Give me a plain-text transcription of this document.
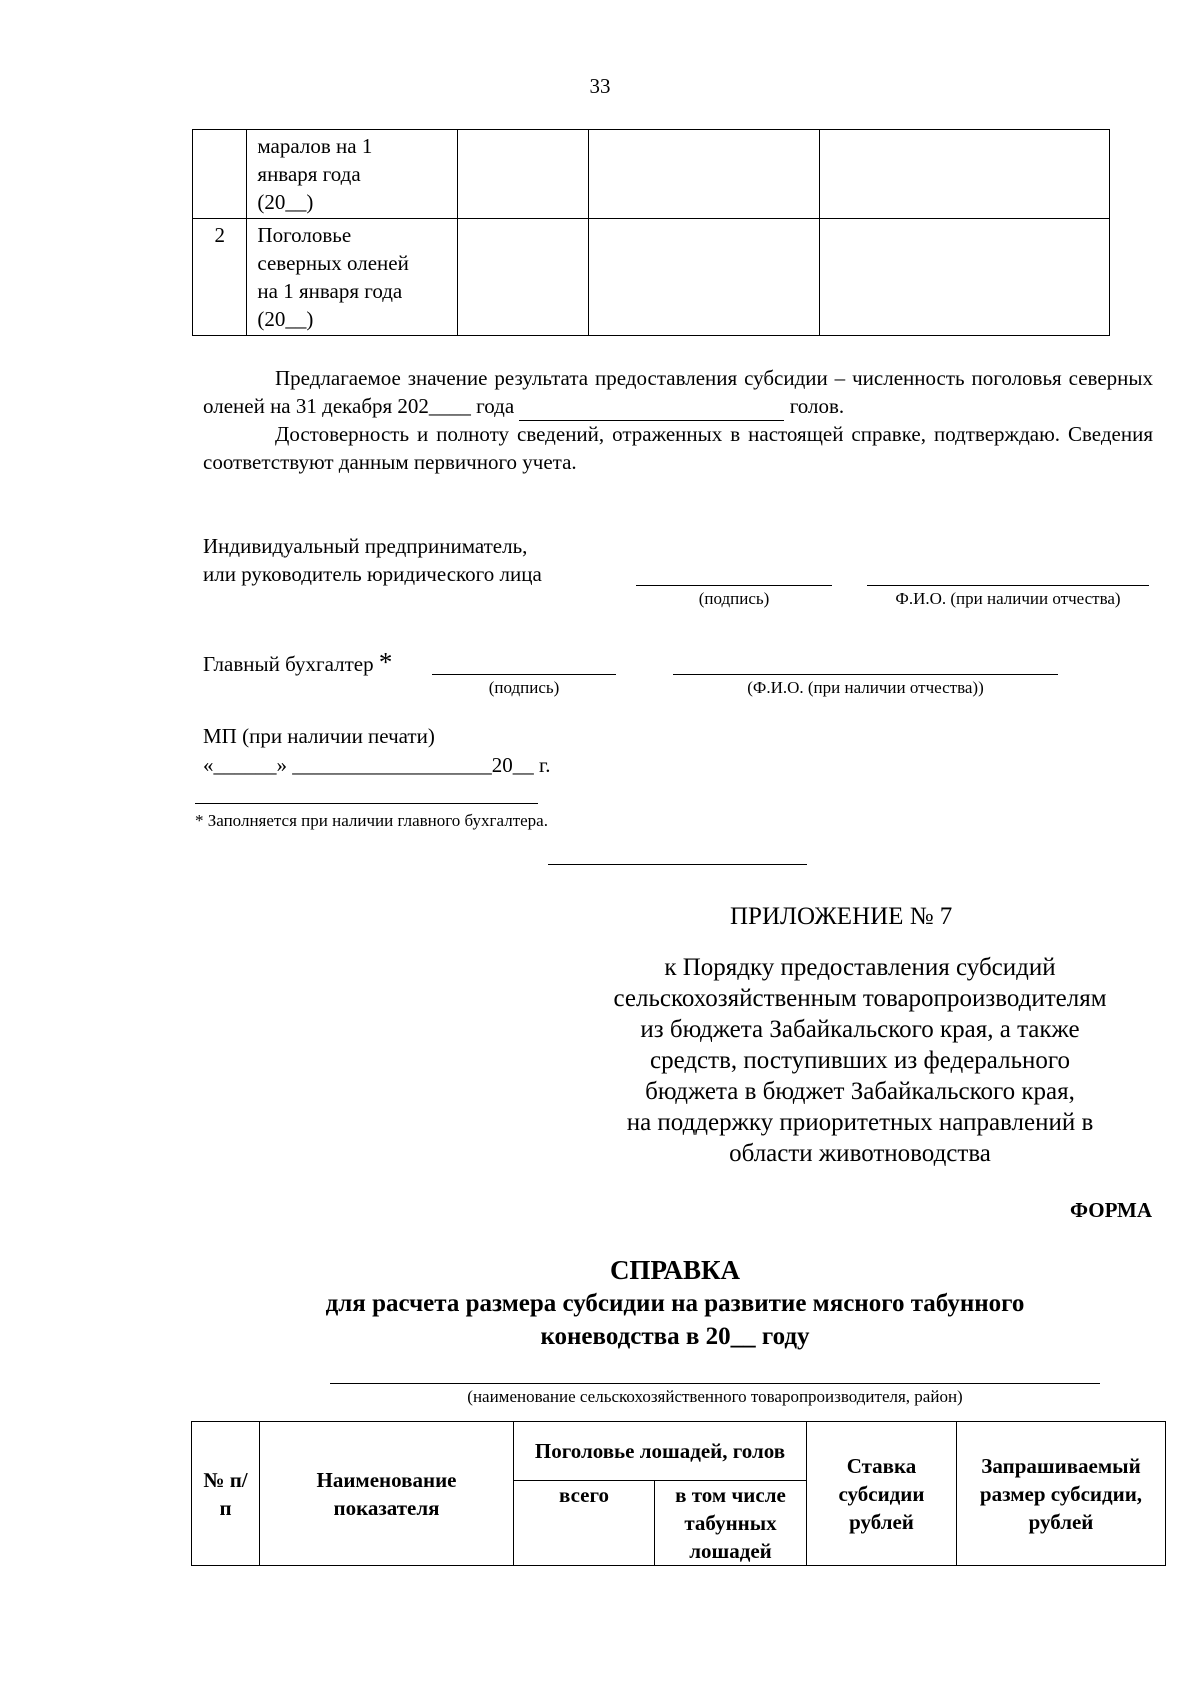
33

	маралов на 1
января года
(20__)			

2	Поголовье
северных оленей
на 1 января года
(20__)			

Предлагаемое значение результата предоставления субсидии – численность поголовья северных оленей на 31 декабря 202____ года	голов.
Достоверность и полноту сведений, отраженных в настоящей справке, подтверждаю. Сведения соответствуют данным первичного учета.
Индивидуальный предприниматель,
или руководитель юридического лица
(подпись)	Ф.И.О. (при наличии отчества)
Главный бухгалтер *
(подпись)	(Ф.И.О. (при наличии отчества))
МП (при наличии печати)
«______» ___________________20__ г.
* Заполняется при наличии главного бухгалтера.
ПРИЛОЖЕНИЕ № 7
к Порядку предоставления субсидий
сельскохозяйственным товаропроизводителям
из бюджета Забайкальского края, а также
средств, поступивших из федерального
бюджета в бюджет Забайкальского края,
на поддержку приоритетных направлений в
области животноводства
ФОРМА
СПРАВКА
для расчета размера субсидии на развитие мясного табунного
коневодства в 20__ году
(наименование сельскохозяйственного товаропроизводителя, район)
№ п/п	Наименование показателя	Поголовье лошадей, голов		Ставка субсидии рублей	Запрашиваемый размер субсидии, рублей
		всего	в том числе табунных лошадей		
